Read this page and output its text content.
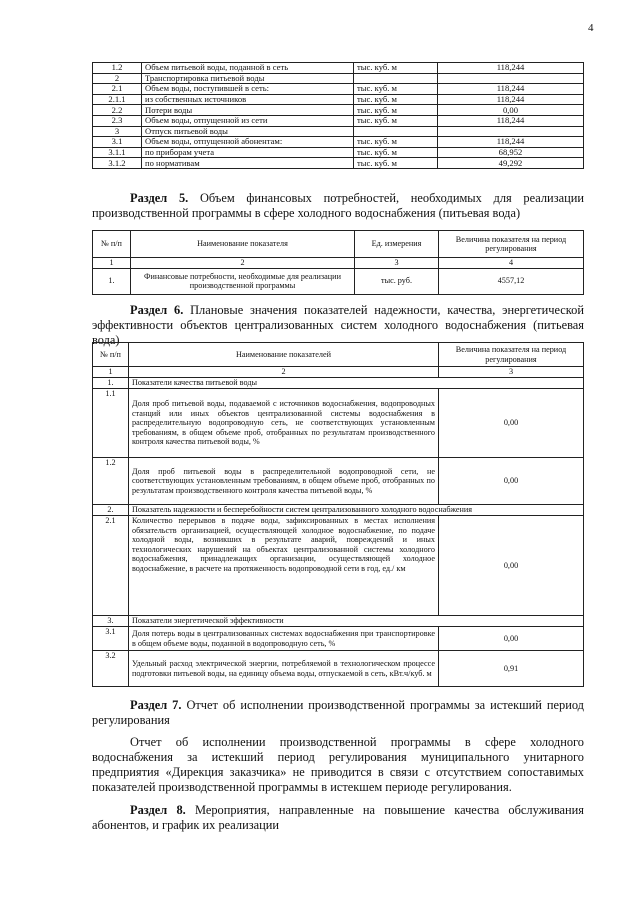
4
1.2	Объем питьевой воды, поданной в сеть	тыс. куб. м	118,244
2	Транспортировка питьевой воды		
2.1	Объем воды, поступившей в сеть:	тыс. куб. м	118,244
2.1.1	из собственных источников	тыс. куб. м	118,244
2.2	Потери воды	тыс. куб. м	0,00
2.3	Объем воды, отпущенной из сети	тыс. куб. м	118,244
3	Отпуск питьевой воды		
3.1	Объем воды, отпущенной абонентам:	тыс. куб. м	118,244
3.1.1	по приборам учета	тыс. куб. м	68,952
3.1.2	по нормативам	тыс. куб. м	49,292
Раздел 5. Объем финансовых потребностей, необходимых для реализации производственной программы в сфере холодного водоснабжения (питьевая вода)
№ п/п	Наименование показателя	Ед. измерения	Величина показателя на период регулирования
1	2	3	4
1.	Финансовые потребности, необходимые для реализации производственной программы	тыс. руб.	4557,12
Раздел 6. Плановые значения показателей надежности, качества, энергетической эффективности объектов централизованных систем холодного водоснабжения (питьевая вода)
№ п/п	Наименование показателей	Величина показателя на период регулирования
1	2	3
1.	Показатели качества питьевой воды	
1.1	Доля проб питьевой воды, подаваемой с источников водоснабжения, водопроводных станций или иных объектов централизованной системы водоснабжения в распределительную водопроводную сеть, не соответствующих установленным требованиям, в общем объеме проб, отобранных по результатам производственного контроля качества питьевой воды, %	0,00
1.2	Доля проб питьевой воды в распределительной водопроводной сети, не соответствующих установленным требованиям, в общем объеме проб, отобранных по результатам производственного контроля качества питьевой воды, %	0,00
2.	Показатель надежности и бесперебойности систем централизованного холодного водоснабжения	
2.1	Количество перерывов в подаче воды, зафиксированных в местах исполнения обязательств организацией, осуществляющей холодное водоснабжение, по подаче холодной воды, возникших в результате аварий, повреждений и иных технологических нарушений на объектах централизованной системы холодного водоснабжения, принадлежащих организации, осуществляющей холодное водоснабжение, в расчете на протяженность водопроводной сети в год, ед./ км	0,00
3.	Показатели энергетической эффективности	
3.1	Доля потерь воды в централизованных системах водоснабжения при транспортировке в общем объеме воды, поданной в водопроводную сеть, %	0,00
3.2	Удельный расход электрической энергии, потребляемой в технологическом процессе подготовки питьевой воды, на единицу объема воды, отпускаемой в сеть, кВт.ч/куб. м	0,91
Раздел 7. Отчет об исполнении производственной программы за истекший период регулирования
Отчет об исполнении производственной программы в сфере холодного водоснабжения за истекший период регулирования муниципального унитарного предприятия «Дирекция заказчика» не приводится в связи с отсутствием сопоставимых показателей производственной программы в истекшем периоде регулирования.
Раздел 8. Мероприятия, направленные на повышение качества обслуживания абонентов, и график их реализации
